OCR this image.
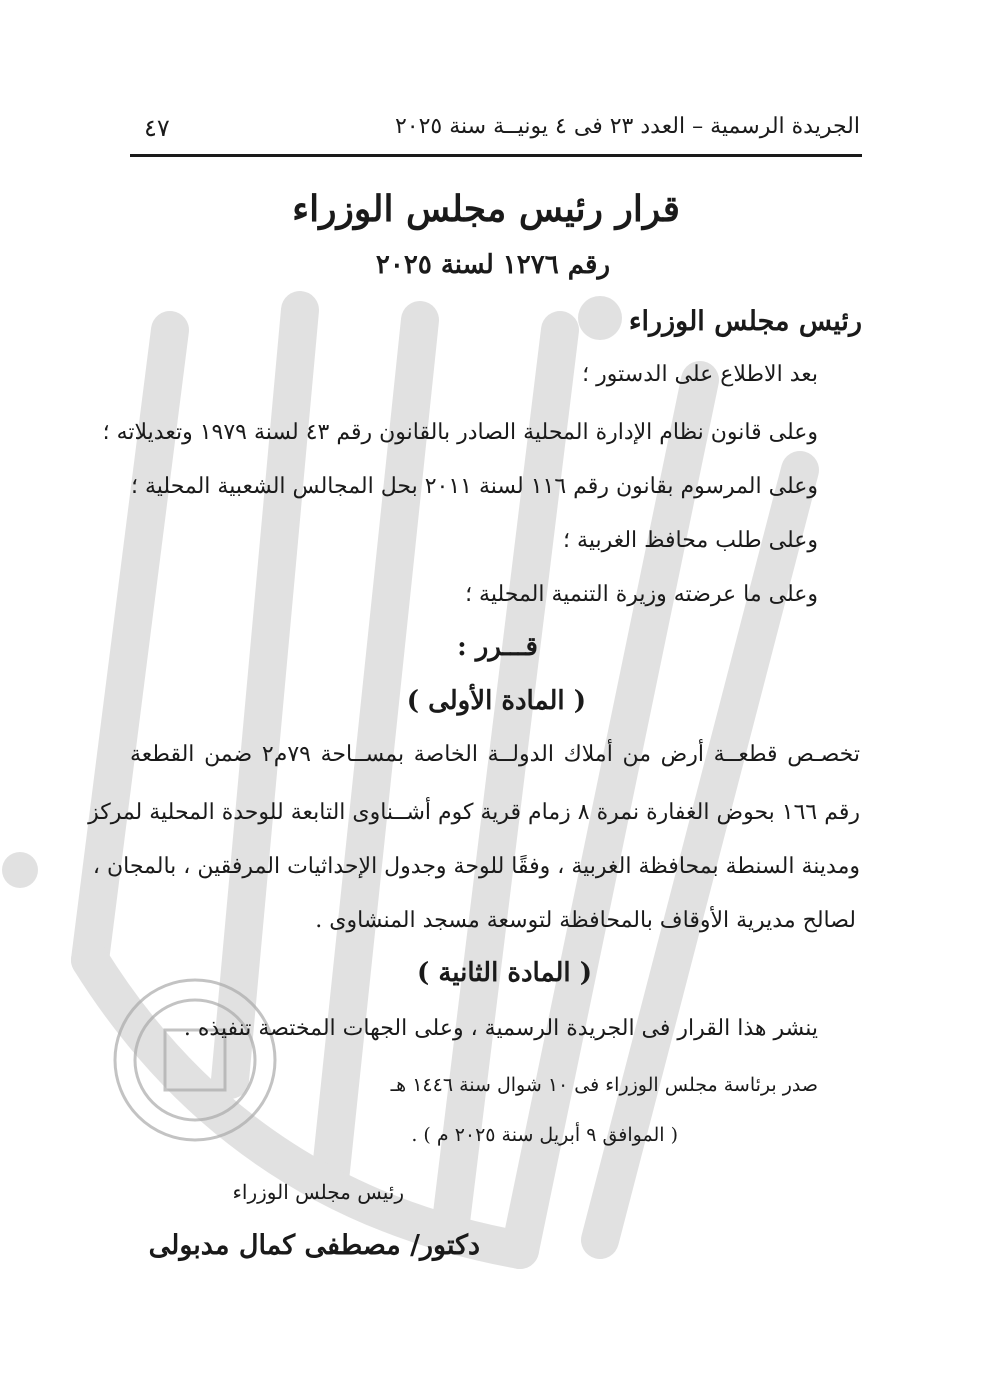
الجريدة الرسمية – العدد ٢٣ فى ٤ يونيــة سنة ٢٠٢٥
٤٧
قرار رئيس مجلس الوزراء
رقم ١٢٧٦ لسنة ٢٠٢٥
رئيس مجلس الوزراء
بعد الاطلاع على الدستور ؛
وعلى قانون نظام الإدارة المحلية الصادر بالقانون رقم ٤٣ لسنة ١٩٧٩ وتعديلاته ؛
وعلى المرسوم بقانون رقم ١١٦ لسنة ٢٠١١ بحل المجالس الشعبية المحلية ؛
وعلى طلب محافظ الغربية ؛
وعلى ما عرضته وزيرة التنمية المحلية ؛
قـــرر :
( المادة الأولى )
تخصـص قطعــة أرض من أملاك الدولــة الخاصة بمســاحة ٧٩م٢ ضمن القطعة
رقم ١٦٦ بحوض الغفارة نمرة ٨ زمام قرية كوم أشــناوى التابعة للوحدة المحلية لمركز
ومدينة السنطة بمحافظة الغربية ، وفقًا للوحة وجدول الإحداثيات المرفقين ، بالمجان ،
لصالح مديرية الأوقاف بالمحافظة لتوسعة مسجد المنشاوى .
( المادة الثانية )
ينشر هذا القرار فى الجريدة الرسمية ، وعلى الجهات المختصة تنفيذه .
صدر برئاسة مجلس الوزراء فى ١٠ شوال سنة ١٤٤٦ هـ
( الموافق ٩ أبريل سنة ٢٠٢٥ م ) .
رئيس مجلس الوزراء
دكتور/ مصطفى كمال مدبولى
